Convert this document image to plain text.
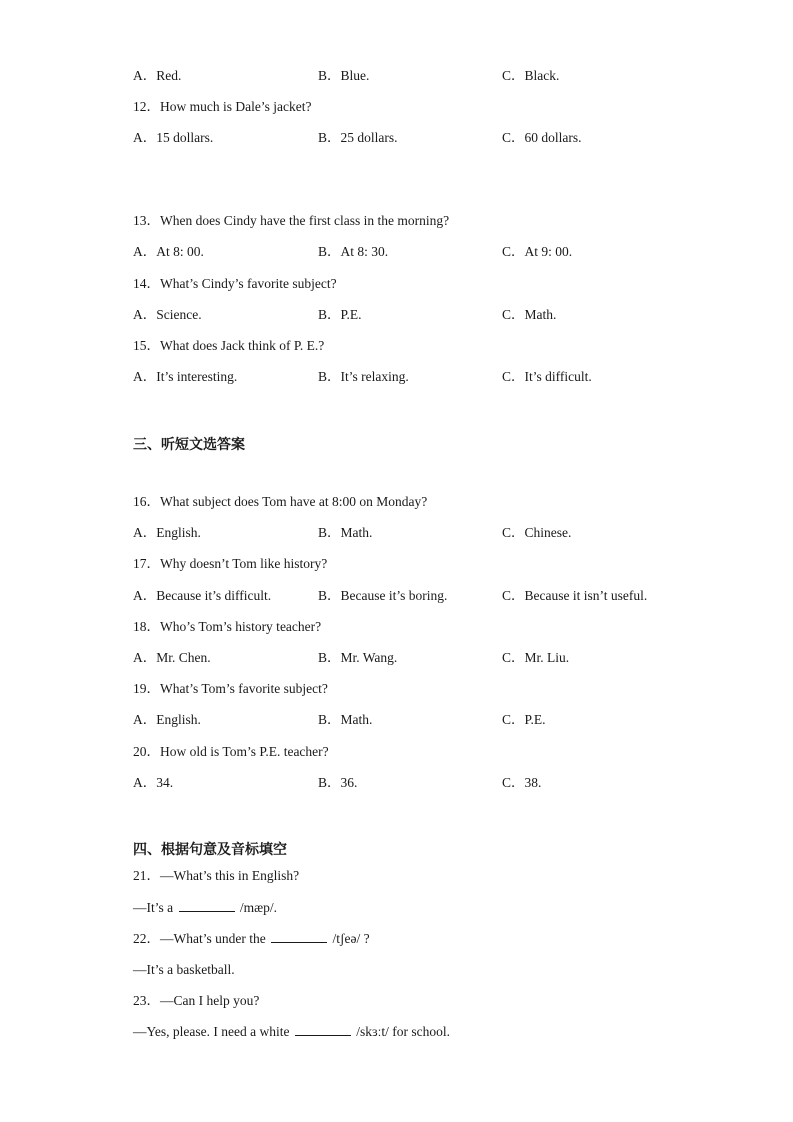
A．Red.	B．Blue.	C．Black.
12．How much is Dale’s jacket?
A．15 dollars.	B．25 dollars.	C．60 dollars.
13．When does Cindy have the first class in the morning?
A．At 8: 00.	B．At 8: 30.	C．At 9: 00.
14．What’s Cindy’s favorite subject?
A．Science.	B．P.E.	C．Math.
15．What does Jack think of P. E.?
A．It’s interesting.	B．It’s relaxing.	C．It’s difficult.
三、听短文选答案
16．What subject does Tom have at 8:00 on Monday?
A．English.	B．Math.	C．Chinese.
17．Why doesn’t Tom like history?
A．Because it’s difficult.	B．Because it’s boring.	C．Because it isn’t useful.
18．Who’s Tom’s history teacher?
A．Mr. Chen.	B．Mr. Wang.	C．Mr. Liu.
19．What’s Tom’s favorite subject?
A．English.	B．Math.	C．P.E.
20．How old is Tom’s P.E. teacher?
A．34.	B．36.	C．38.
四、根据句意及音标填空
21．—What’s this in English?
—It’s a	/mæp/.
22．—What’s under the	/tʃeə/ ?
—It’s a basketball.
23．—Can I help you?
—Yes, please. I need a white	/skɜːt/ for school.
